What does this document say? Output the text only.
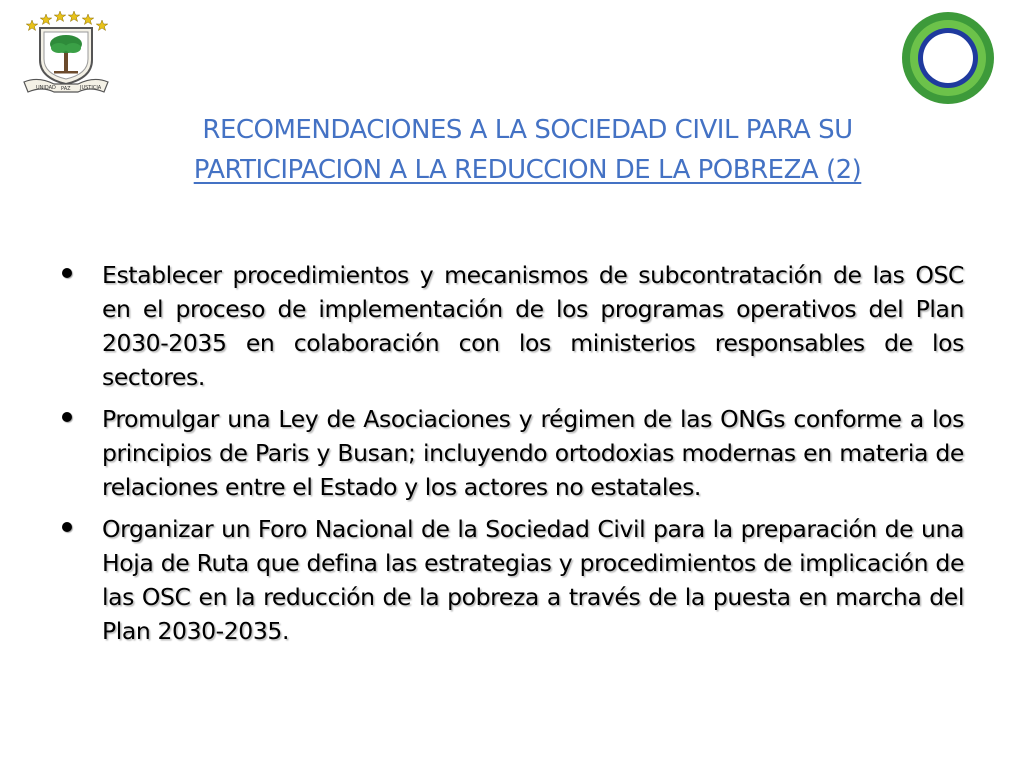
UNIDAD PAZ JUSTICIA
RECOMENDACIONES A LA SOCIEDAD CIVIL PARA SU
PARTICIPACION A LA REDUCCION DE LA POBREZA (2)
Establecer procedimientos y mecanismos de subcontratación de las OSC en el proceso de implementación de los programas operativos del Plan 2030-2035 en colaboración con los ministerios responsables de los sectores.
Promulgar una Ley de Asociaciones y régimen de las ONGs conforme a los principios de Paris y Busan; incluyendo ortodoxias modernas en materia de relaciones entre el Estado y los actores no estatales.
Organizar un Foro Nacional de la Sociedad Civil para la preparación de una Hoja de Ruta que defina las estrategias y procedimientos de implicación de las OSC en la reducción de la pobreza a través de la puesta en marcha del Plan 2030-2035.
